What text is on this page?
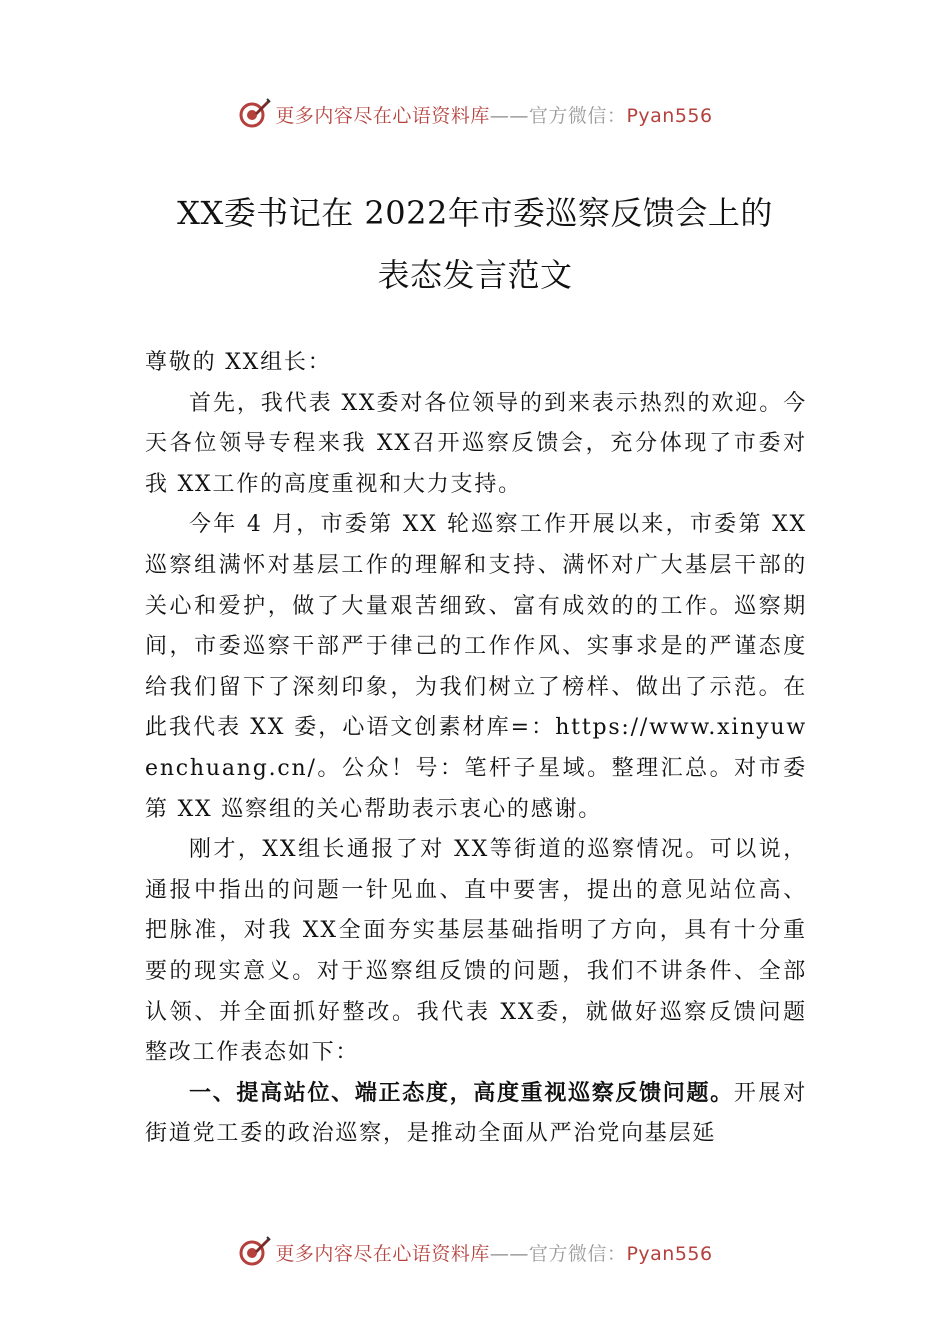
更多内容尽在心语资料库——官方微信：Pyan556
XX委书记在 2022年市委巡察反馈会上的
表态发言范文

尊敬的 XX组长：

首先，我代表 XX委对各位领导的到来表示热烈的欢迎。今天各位领导专程来我 XX召开巡察反馈会，充分体现了市委对我 XX工作的高度重视和大力支持。

今年 4 月，市委第 XX 轮巡察工作开展以来，市委第 XX 巡察组满怀对基层工作的理解和支持、满怀对广大基层干部的关心和爱护，做了大量艰苦细致、富有成效的的工作。巡察期间，市委巡察干部严于律己的工作作风、实事求是的严谨态度给我们留下了深刻印象，为我们树立了榜样、做出了示范。在此我代表 XX 委，心语文创素材库=：https://www.xinyuwenchuang.cn/。公众！号：笔杆子星域。整理汇总。对市委第 XX 巡察组的关心帮助表示衷心的感谢。

刚才，XX组长通报了对 XX等街道的巡察情况。可以说，通报中指出的问题一针见血、直中要害，提出的意见站位高、把脉准，对我 XX全面夯实基层基础指明了方向，具有十分重要的现实意义。对于巡察组反馈的问题，我们不讲条件、全部认领、并全面抓好整改。我代表 XX委，就做好巡察反馈问题整改工作表态如下：

一、提高站位、端正态度，高度重视巡察反馈问题。开展对街道党工委的政治巡察，是推动全面从严治党向基层延

更多内容尽在心语资料库——官方微信：Pyan556
